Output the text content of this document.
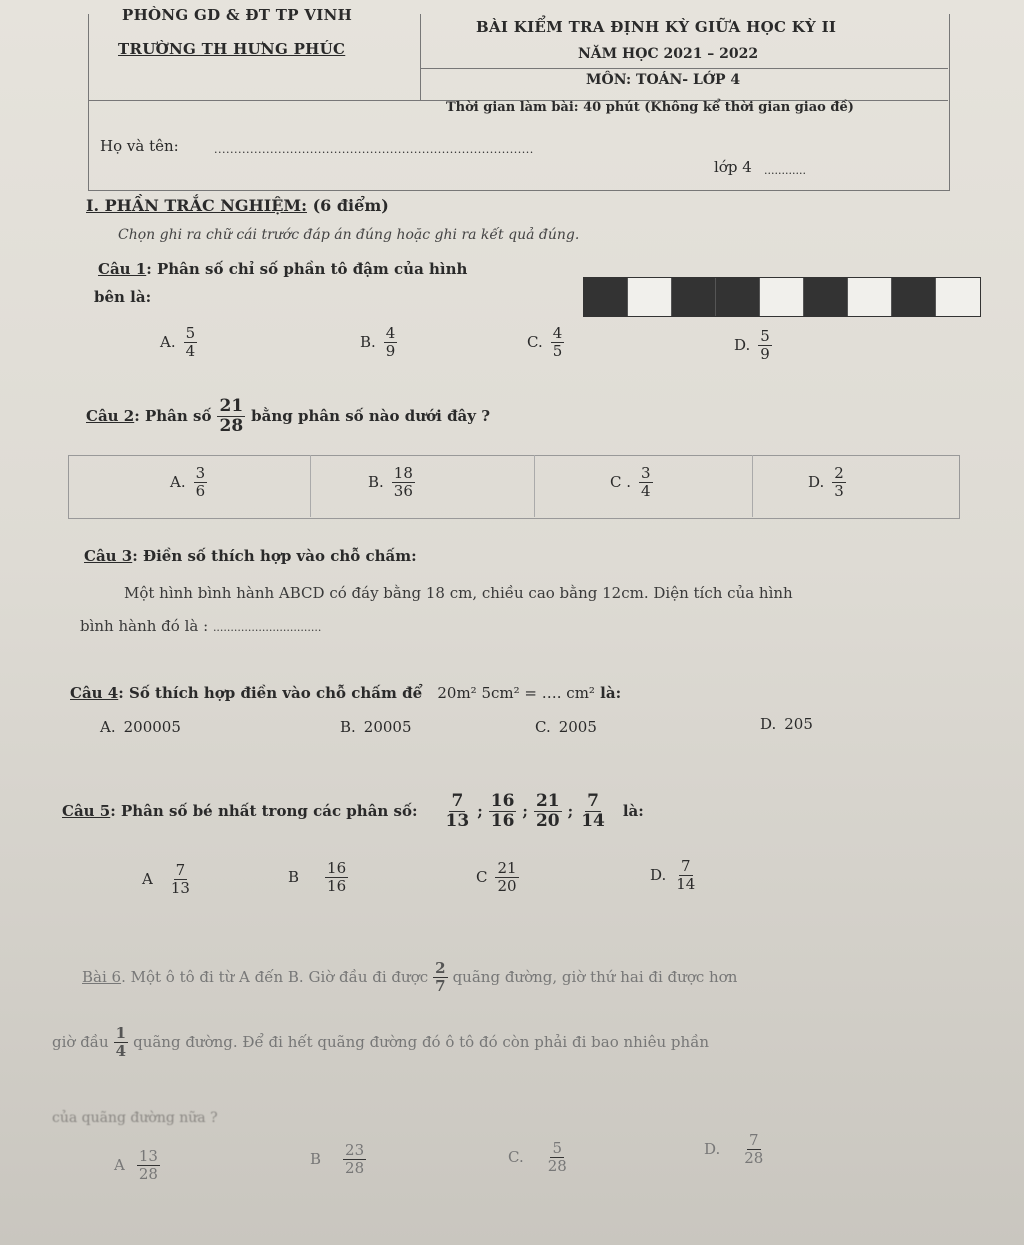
PHÒNG GD & ĐT TP VINH
TRƯỜNG TH HƯNG PHÚC
BÀI KIỂM TRA ĐỊNH KỲ GIỮA HỌC KỲ II
NĂM HỌC 2021 – 2022
MÔN: TOÁN- LỚP 4
Thời gian làm bài: 40 phút (Không kể thời gian giao đề)
Họ và tên:	................................................................................
lớp 4 ............
I. PHẦN TRẮC NGHIỆM: (6 điểm)
Chọn ghi ra chữ cái trước đáp án đúng hoặc ghi ra kết quả đúng.
Câu 1: Phân số chỉ số phần tô đậm của hình
bên là:
A. $\frac{5}{4}$	B. $\frac{4}{9}$	C. $\frac{4}{5}$	D. $\frac{5}{9}$
Câu 2: Phân số $\frac{21}{28}$ bằng phân số nào dưới đây ?
A. $\frac{3}{6}$	B. $\frac{18}{36}$	C . $\frac{3}{4}$	D. $\frac{2}{3}$
Câu 3: Điền số thích hợp vào chỗ chấm:
Một hình bình hành ABCD có đáy bằng 18 cm, chiều cao bằng 12cm. Diện tích của hình
bình hành đó là : ...............................
Câu 4: Số thích hợp điền vào chỗ chấm để 20m² 5cm² = …. cm² là:
A. 200005	B. 20005	C. 2005	D. 205
Câu 5: Phân số bé nhất trong các phân số: $\frac{7}{13}$ ; $\frac{16}{16}$ ; $\frac{21}{20}$ ; $\frac{7}{14}$ là:
A $\frac{7}{13}$	B $\frac{16}{16}$	C $\frac{21}{20}$	D. $\frac{7}{14}$
Bài 6. Một ô tô đi từ A đến B. Giờ đầu đi được $\frac{2}{7}$ quãng đường, giờ thứ hai đi được hơn
giờ đầu $\frac{1}{4}$ quãng đường. Để đi hết quãng đường đó ô tô đó còn phải đi bao nhiêu phần
của quãng đường nữa ?
A $\frac{13}{28}$	B $\frac{23}{28}$	C. $\frac{5}{28}$	D. $\frac{7}{28}$
